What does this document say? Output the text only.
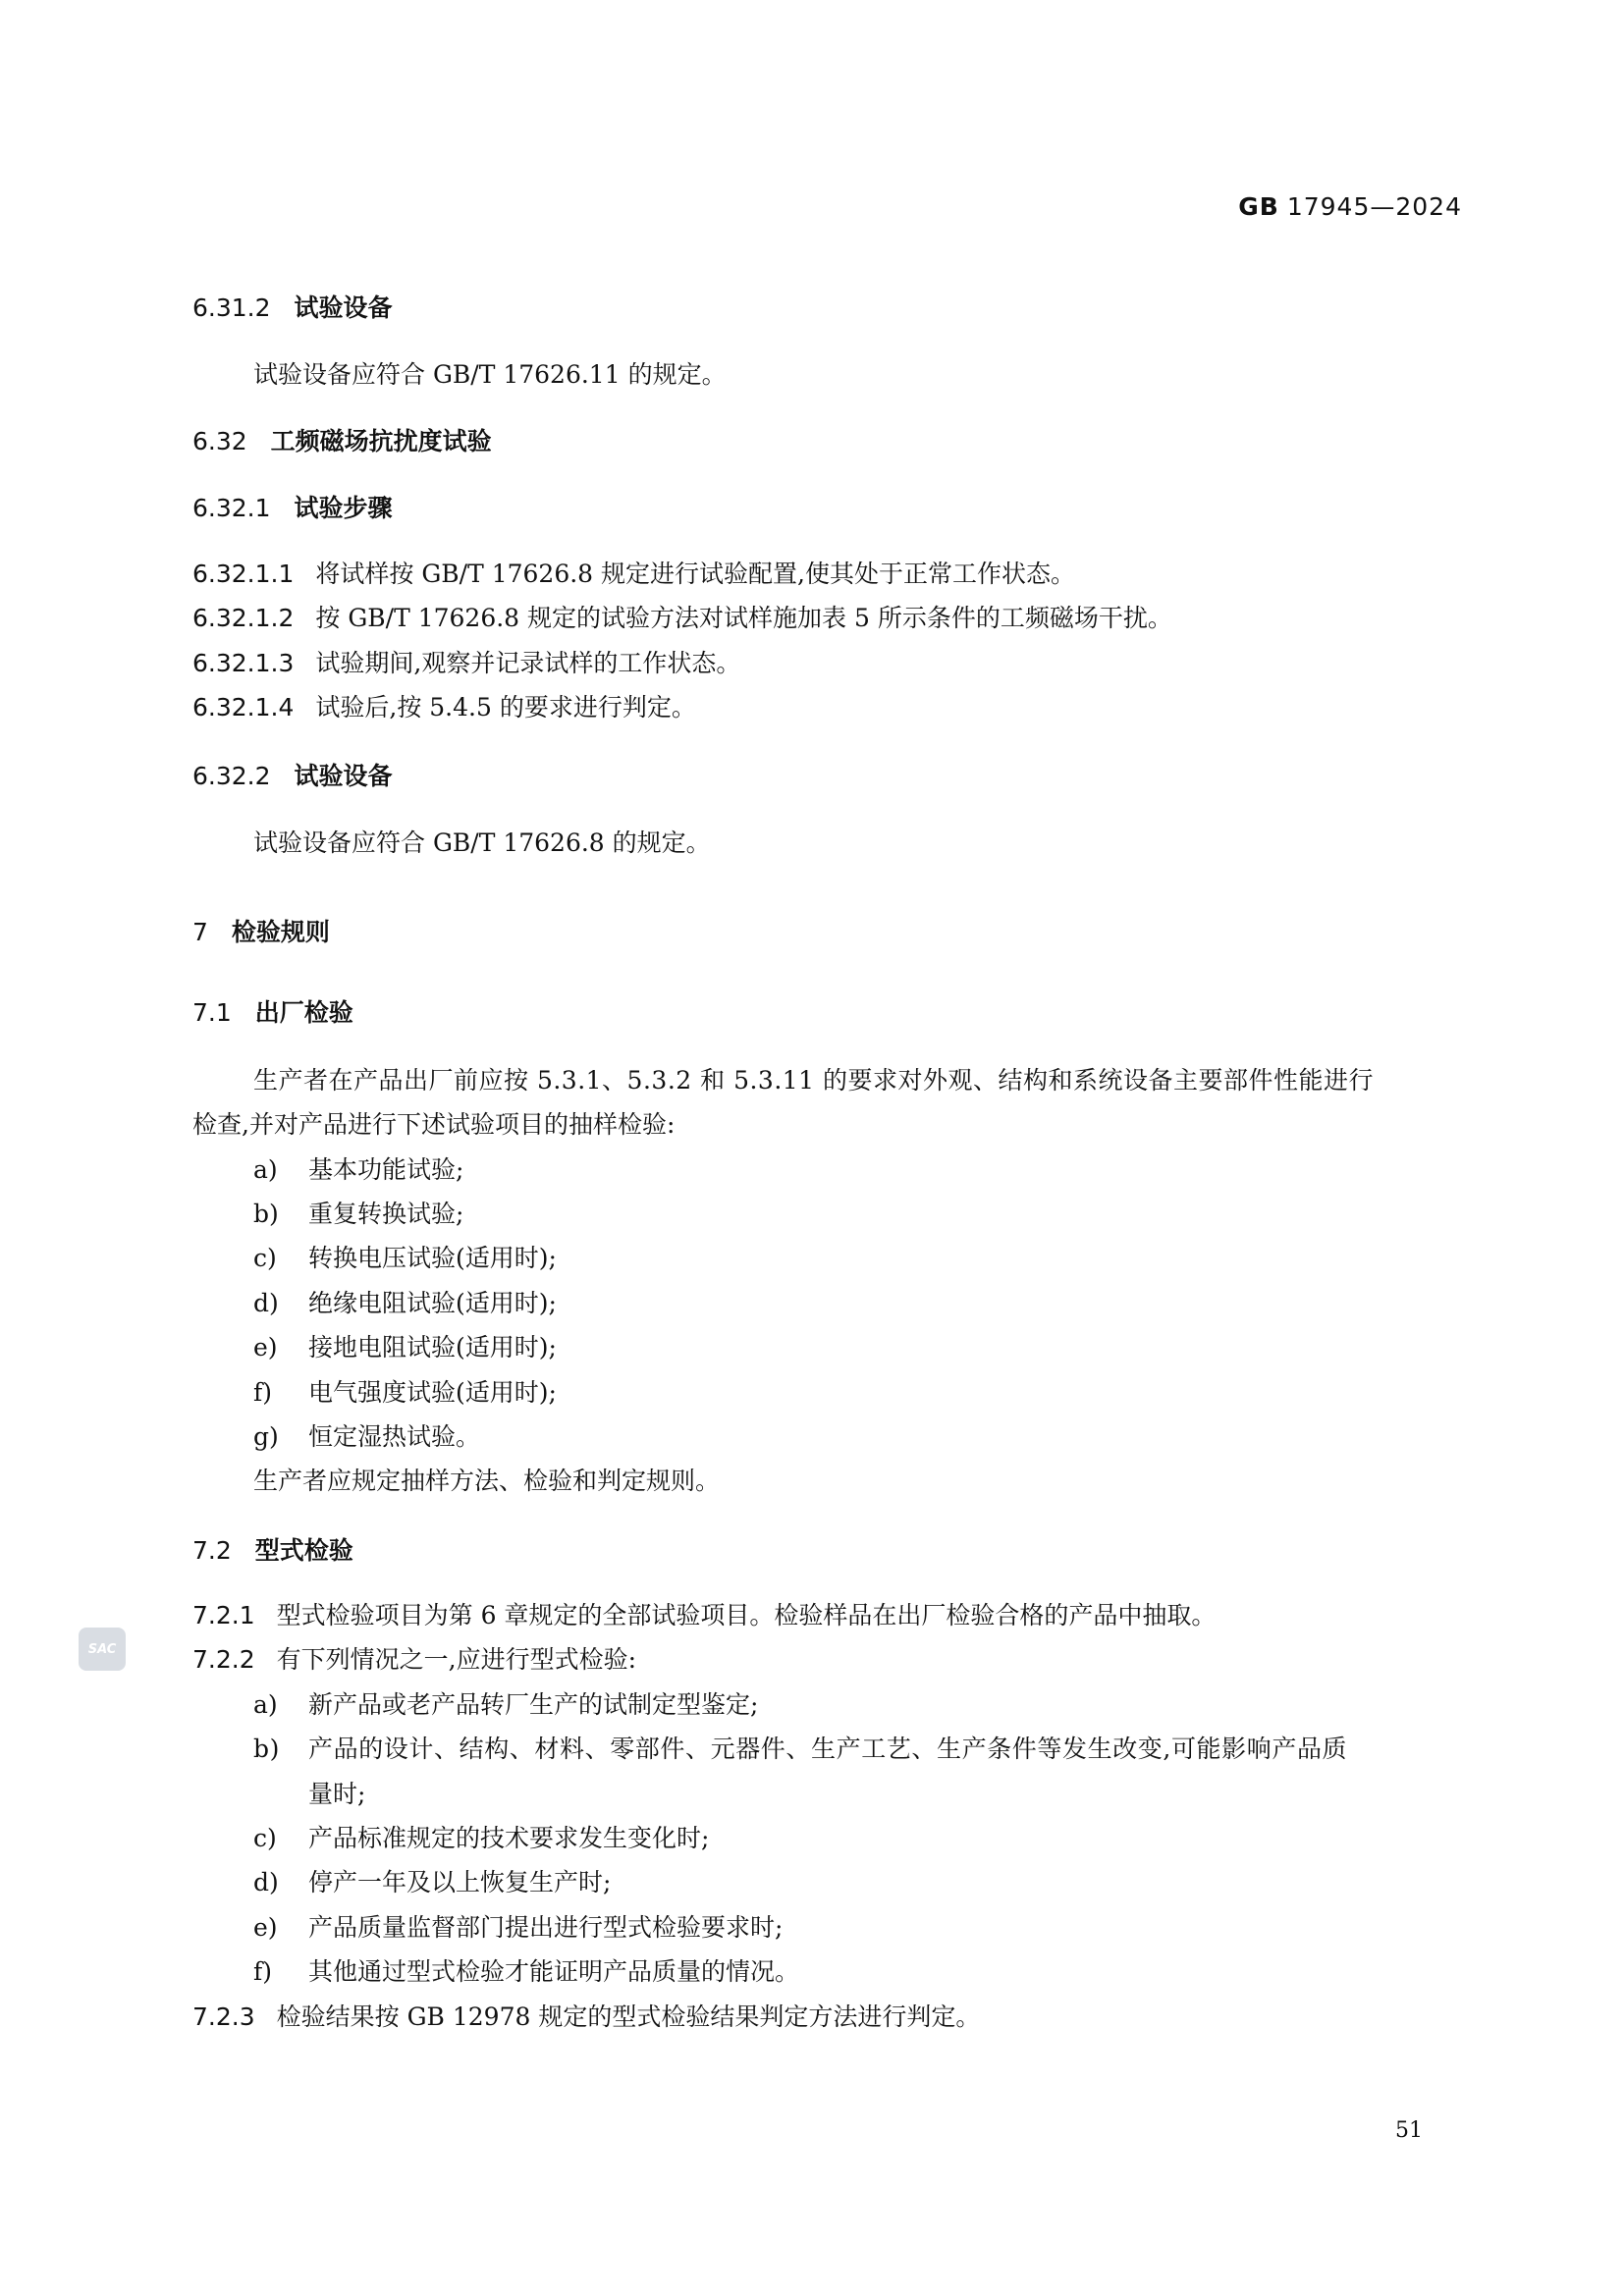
GB 17945—2024
6.31.2 试验设备
试验设备应符合 GB/T 17626.11 的规定。
6.32 工频磁场抗扰度试验
6.32.1 试验步骤
6.32.1.1 将试样按 GB/T 17626.8 规定进行试验配置,使其处于正常工作状态。
6.32.1.2 按 GB/T 17626.8 规定的试验方法对试样施加表 5 所示条件的工频磁场干扰。
6.32.1.3 试验期间,观察并记录试样的工作状态。
6.32.1.4 试验后,按 5.4.5 的要求进行判定。
6.32.2 试验设备
试验设备应符合 GB/T 17626.8 的规定。
7 检验规则
7.1 出厂检验
生产者在产品出厂前应按 5.3.1、5.3.2 和 5.3.11 的要求对外观、结构和系统设备主要部件性能进行
检查,并对产品进行下述试验项目的抽样检验:
a) 基本功能试验;
b) 重复转换试验;
c) 转换电压试验(适用时);
d) 绝缘电阻试验(适用时);
e) 接地电阻试验(适用时);
f) 电气强度试验(适用时);
g) 恒定湿热试验。
生产者应规定抽样方法、检验和判定规则。
7.2 型式检验
7.2.1 型式检验项目为第 6 章规定的全部试验项目。检验样品在出厂检验合格的产品中抽取。
7.2.2 有下列情况之一,应进行型式检验:
a) 新产品或老产品转厂生产的试制定型鉴定;
b) 产品的设计、结构、材料、零部件、元器件、生产工艺、生产条件等发生改变,可能影响产品质
量时;
c) 产品标准规定的技术要求发生变化时;
d) 停产一年及以上恢复生产时;
e) 产品质量监督部门提出进行型式检验要求时;
f) 其他通过型式检验才能证明产品质量的情况。
7.2.3 检验结果按 GB 12978 规定的型式检验结果判定方法进行判定。
SAC
51
